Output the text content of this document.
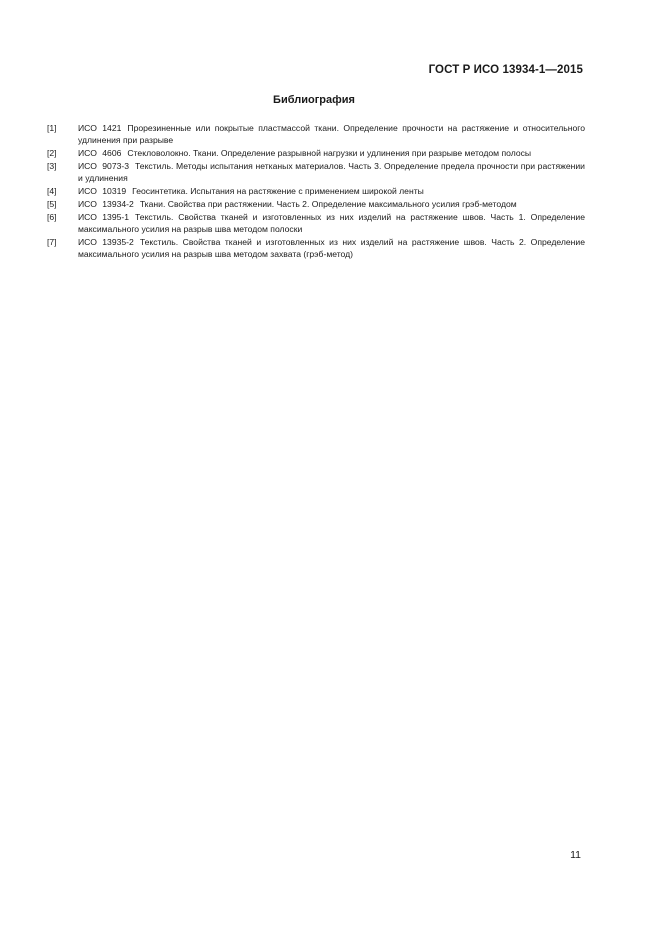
ГОСТ Р ИСО 13934-1—2015
Библиография
[1]	ИСО 1421 Прорезиненные или покрытые пластмассой ткани. Определение прочности на растяжение и относительного удлинения при разрыве
[2]	ИСО 4606 Стекловолокно. Ткани. Определение разрывной нагрузки и удлинения при разрыве методом полосы
[3]	ИСО 9073-3 Текстиль. Методы испытания нетканых материалов. Часть 3. Определение предела прочности при растяжении и удлинения
[4]	ИСО 10319 Геосинтетика. Испытания на растяжение с применением широкой ленты
[5]	ИСО 13934-2 Ткани. Свойства при растяжении. Часть 2. Определение максимального усилия грэб-методом
[6]	ИСО 1395-1 Текстиль. Свойства тканей и изготовленных из них изделий на растяжение швов. Часть 1. Определение максимального усилия на разрыв шва методом полоски
[7]	ИСО 13935-2 Текстиль. Свойства тканей и изготовленных из них изделий на растяжение швов. Часть 2. Определение максимального усилия на разрыв шва методом захвата (грэб-метод)
11
